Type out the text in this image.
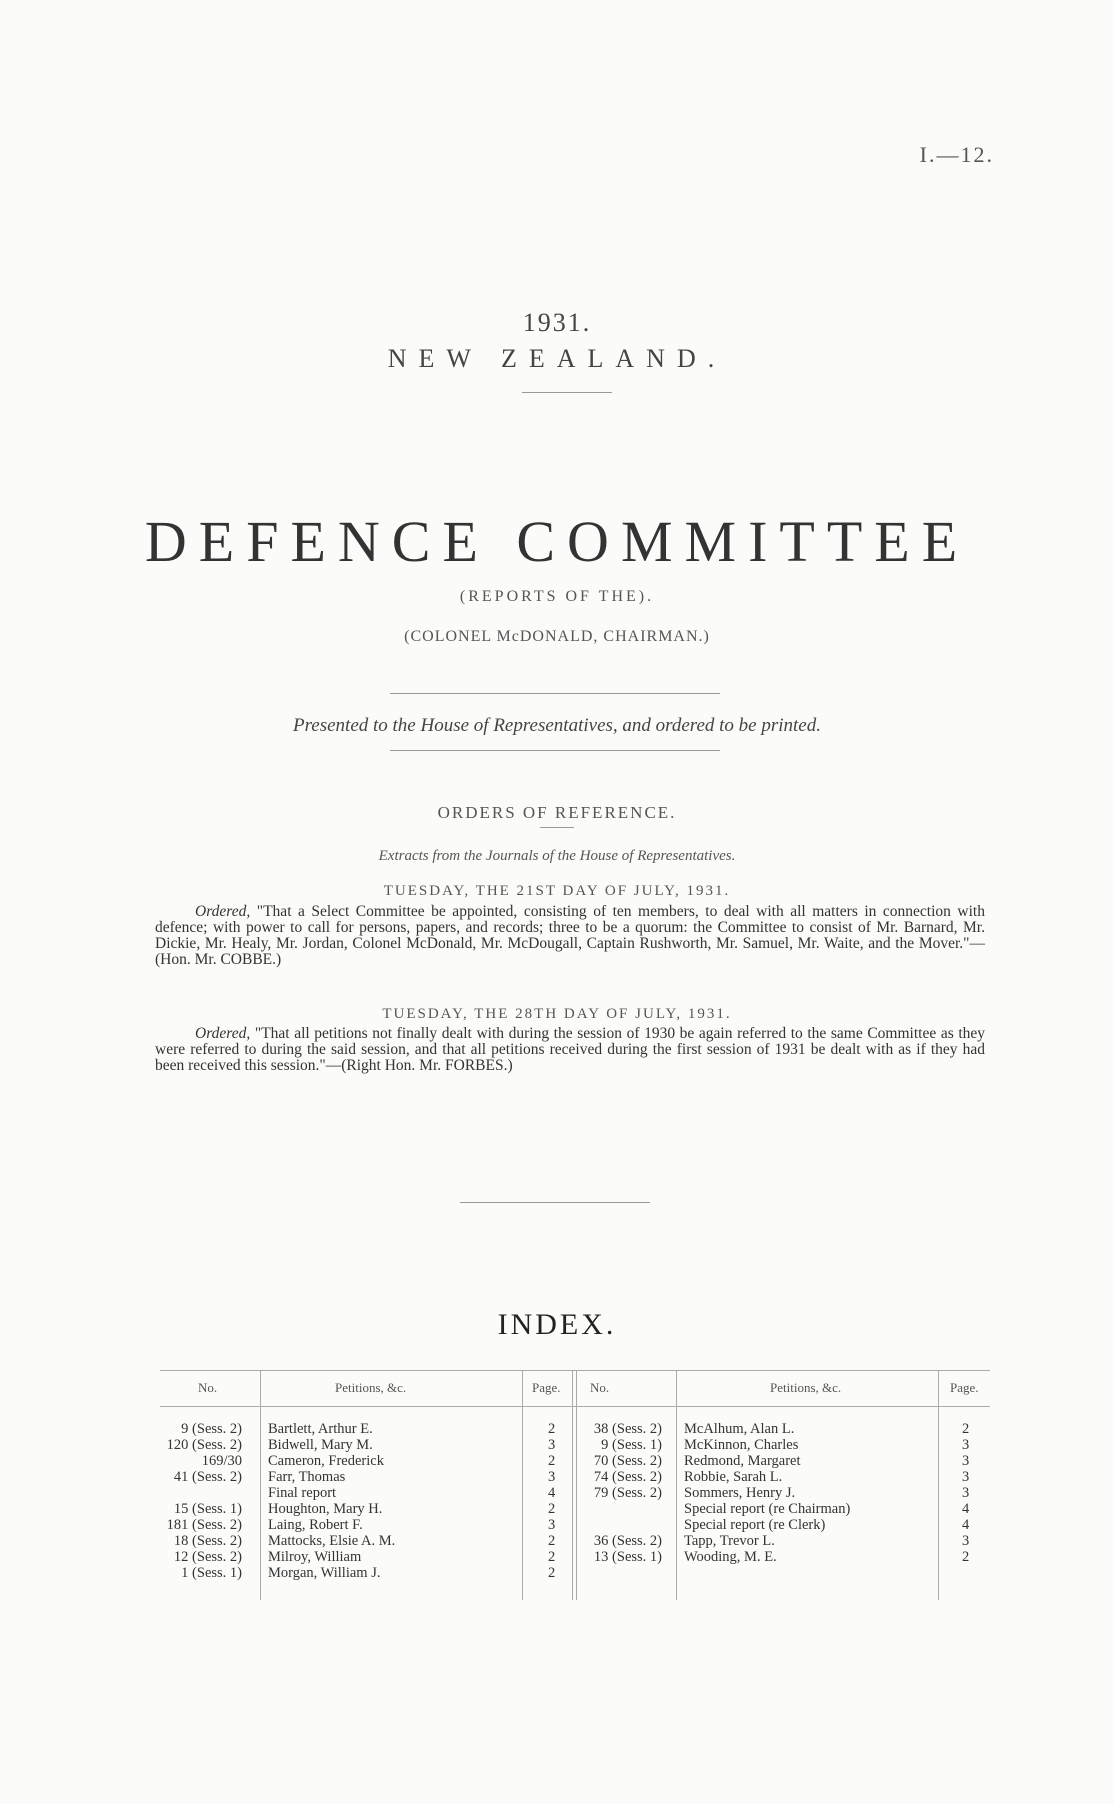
I.—12.
1931.
NEW ZEALAND.
DEFENCE COMMITTEE
(REPORTS OF THE).
(COLONEL McDONALD, CHAIRMAN.)
Presented to the House of Representatives, and ordered to be printed.
ORDERS OF REFERENCE.
Extracts from the Journals of the House of Representatives.
TUESDAY, THE 21ST DAY OF JULY, 1931.
Ordered, "That a Select Committee be appointed, consisting of ten members, to deal with all matters in connection with defence; with power to call for persons, papers, and records; three to be a quorum: the Committee to consist of Mr. Barnard, Mr. Dickie, Mr. Healy, Mr. Jordan, Colonel McDonald, Mr. McDougall, Captain Rushworth, Mr. Samuel, Mr. Waite, and the Mover."—(Hon. Mr. COBBE.)
TUESDAY, THE 28TH DAY OF JULY, 1931.
Ordered, "That all petitions not finally dealt with during the session of 1930 be again referred to the same Committee as they were referred to during the said session, and that all petitions received during the first session of 1931 be dealt with as if they had been received this session."—(Right Hon. Mr. FORBES.)
INDEX.
No.	Petitions, &c.	Page. No.	Petitions, &c.	Page.
9 (Sess. 2) Bartlett, Arthur E.	2
120 (Sess. 2) Bidwell, Mary M.	3
169/30 Cameron, Frederick	2
41 (Sess. 2) Farr, Thomas	3
Final report	4
15 (Sess. 1) Houghton, Mary H.	2
181 (Sess. 2) Laing, Robert F.	3
18 (Sess. 2) Mattocks, Elsie A. M.	2
12 (Sess. 2) Milroy, William	2
1 (Sess. 1) Morgan, William J.	2
38 (Sess. 2) McAlhum, Alan L.	2
9 (Sess. 1) McKinnon, Charles	3
70 (Sess. 2) Redmond, Margaret	3
74 (Sess. 2) Robbie, Sarah L.	3
79 (Sess. 2) Sommers, Henry J.	3
Special report (re Chairman)	4
Special report (re Clerk)	4
36 (Sess. 2) Tapp, Trevor L.	3
13 (Sess. 1) Wooding, M. E.	2
